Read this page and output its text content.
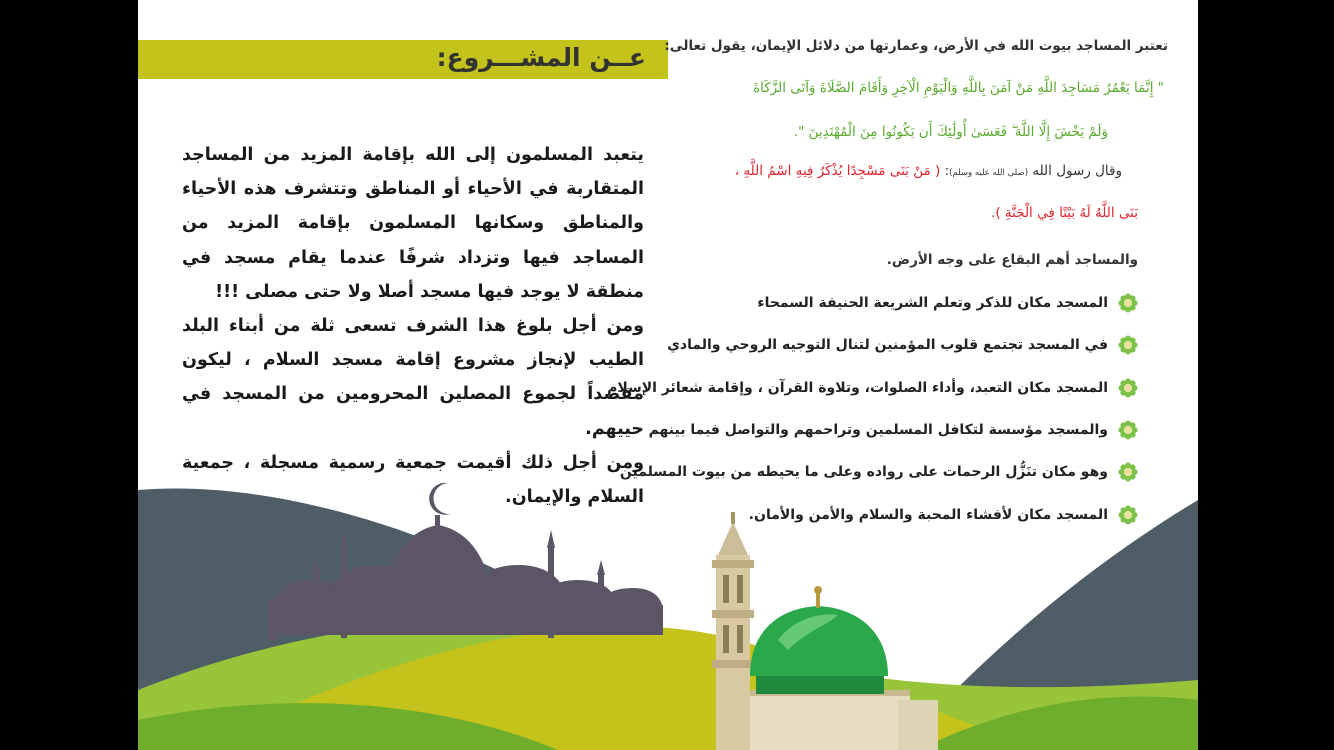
عــن المشـــروع:

يتعبد المسلمون إلى الله بإقامة المزيد من المساجد المتقاربة في الأحياء أو المناطق وتتشرف هذه الأحياء والمناطق وسكانها المسلمون بإقامة المزيد من المساجد فيها وتزداد شرفًا عندما يقام مسجد في منطقة لا يوجد فيها مسجد أصلا ولا حتى مصلى !!!

ومن أجل بلوغ هذا الشرف تسعى ثلة من أبناء البلد الطيب لإنجاز مشروع إقامة مسجد السلام ، ليكون مقصداً لجموع المصلين المحرومين من المسجد في حييهم.

ومن أجل ذلك أقيمت جمعية رسمية مسجلة ، جمعية السلام والإيمان.

تعتبر المساجد بيوت الله في الأرض، وعمارتها من دلائل الإيمان، يقول تعالى:
" إِنَّمَا يَعْمُرُ مَسَاجِدَ اللَّهِ مَنْ آمَنَ بِاللَّهِ وَالْيَوْمِ الْآخِرِ وَأَقَامَ الصَّلَاةَ وَآتَى الزَّكَاةَ
وَلَمْ يَخْشَ إِلَّا اللَّهَ ۖ فَعَسَىٰ أُولَٰئِكَ أَن يَكُونُوا مِنَ الْمُهْتَدِينَ ".
وقال رسول الله (صلى الله عليه وسلم): ( مَنْ بَنَى مَسْجِدًا يُذْكَرُ فِيهِ اسْمُ اللَّهِ ،
بَنَى اللَّهُ لَهُ بَيْتًا فِي الْجَنَّةِ ).
والمساجد أهم البقاع على وجه الأرض.
المسجد مكان للذكر وتعلم الشريعة الحنيفة السمحاء
في المسجد تجتمع قلوب المؤمنين لتنال التوجيه الروحي والمادي
المسجد مكان التعبد، وأداء الصلوات، وتلاوة القرآن ، وإقامة شعائر الإسلام
والمسجد مؤسسة لتكافل المسلمين وتراحمهم والتواصل فيما بينهم
وهو مكان تنَزُّل الرحمات على رواده وعلى ما يحيطه من بيوت المسلمين
المسجد مكان لأفشاء المحبة والسلام والأمن والأمان.
